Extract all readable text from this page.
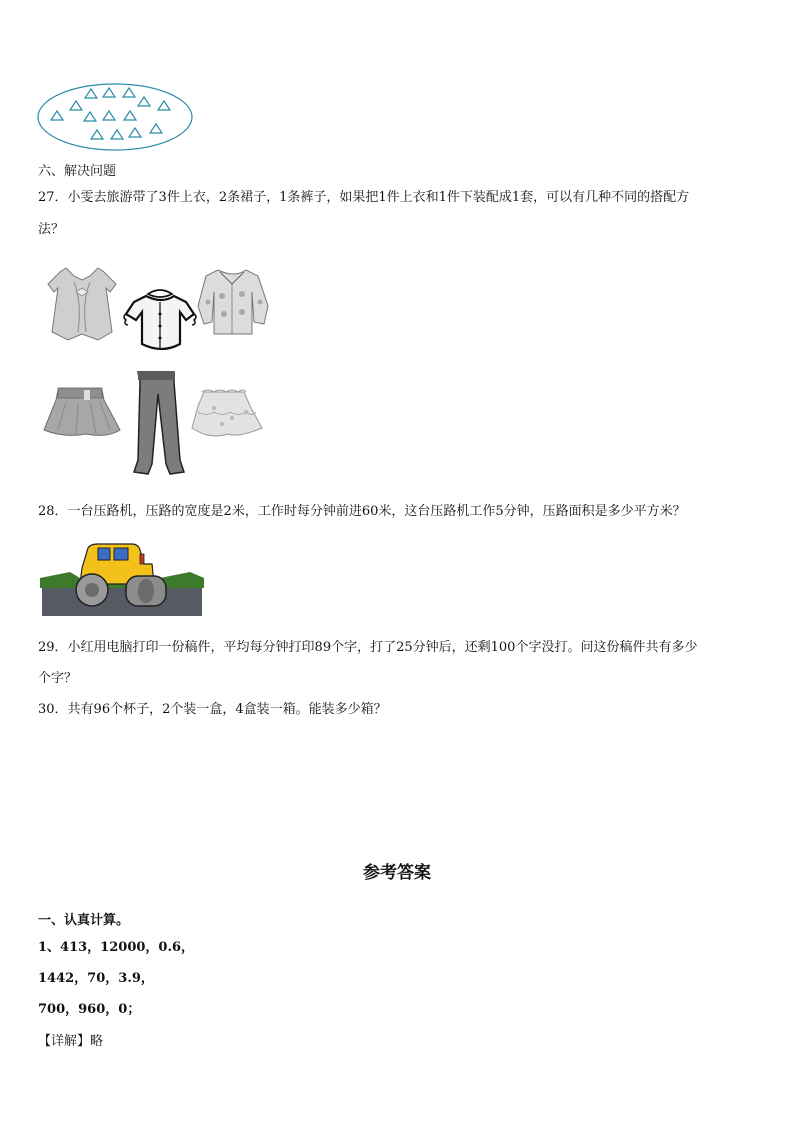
六、解决问题
27．小雯去旅游带了3件上衣，2条裙子，1条裤子，如果把1件上衣和1件下装配成1套，可以有几种不同的搭配方
法？
28．一台压路机，压路的宽度是2米，工作时每分钟前进60米，这台压路机工作5分钟，压路面积是多少平方米？
29．小红用电脑打印一份稿件，平均每分钟打印89个字，打了25分钟后，还剩100个字没打。问这份稿件共有多少
个字？
30．共有96个杯子，2个装一盒，4盒装一箱。能装多少箱？
参考答案
一、认真计算。
1、413，12000，0.6，
1442，70，3.9，
700，960，0；
【详解】略
